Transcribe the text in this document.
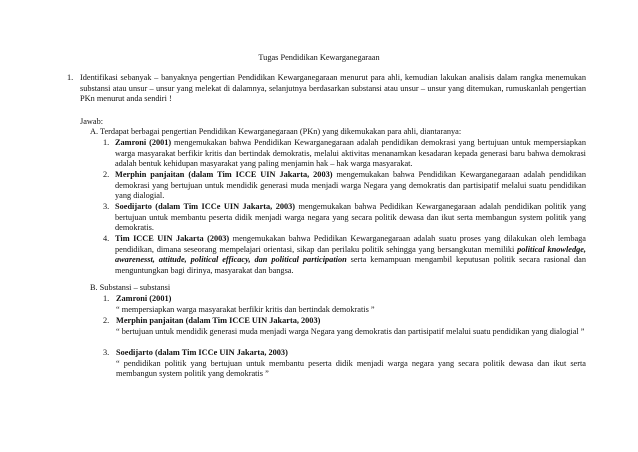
Tugas Pendidikan Kewarganegaraan
1. Identifikasi sebanyak – banyaknya pengertian Pendidikan Kewarganegaraan menurut para ahli, kemudian lakukan analisis dalam rangka menemukan substansi atau unsur – unsur yang melekat di dalamnya, selanjutnya berdasarkan substansi atau unsur – unsur yang ditemukan, rumuskanlah pengertian PKn menurut anda sendiri !
Jawab:
A. Terdapat berbagai pengertian Pendidikan Kewarganegaraan (PKn) yang dikemukakan para ahli, diantaranya:
1. Zamroni (2001) mengemukakan bahwa Pendidikan Kewarganegaraan adalah pendidikan demokrasi yang bertujuan untuk mempersiapkan warga masyarakat berfikir kritis dan bertindak demokratis, melalui aktivitas menanamkan kesadaran kepada generasi baru bahwa demokrasi adalah bentuk kehidupan masyarakat yang paling menjamin hak – hak warga masyarakat.
2. Merphin panjaitan (dalam Tim ICCE UIN Jakarta, 2003) mengemukakan bahwa Pendidikan Kewarganegaraan adalah pendidikan demokrasi yang bertujuan untuk mendidik generasi muda menjadi warga Negara yang demokratis dan partisipatif melalui suatu pendidikan yang dialogial.
3. Soedijarto (dalam Tim ICCe UIN Jakarta, 2003) mengemukakan bahwa Pedidikan Kewarganegaraan adalah pendidikan politik yang bertujuan untuk membantu peserta didik menjadi warga negara yang secara politik dewasa dan ikut serta membangun system politik yang demokratis.
4. Tim ICCE UIN Jakarta (2003) mengemukakan bahwa Pedidikan Kewarganegaraan adalah suatu proses yang dilakukan oleh lembaga pendidikan, dimana seseorang mempelajari orientasi, sikap dan perilaku politik sehingga yang bersangkutan memiliki political knowledge, awarenesst, attitude, political efficacy, dan political participation serta kemampuan mengambil keputusan politik secara rasional dan menguntungkan bagi dirinya, masyarakat dan bangsa.
B. Substansi – substansi
1. Zamroni (2001)
“ mempersiapkan warga masyarakat berfikir kritis dan bertindak demokratis ”
2. Merphin panjaitan (dalam Tim ICCE UIN Jakarta, 2003)
“ bertujuan untuk mendidik generasi muda menjadi warga Negara yang demokratis dan partisipatif melalui suatu pendidikan yang dialogial ”
3. Soedijarto (dalam Tim ICCe UIN Jakarta, 2003)
“ pendidikan politik yang bertujuan untuk membantu peserta didik menjadi warga negara yang secara politik dewasa dan ikut serta membangun system politik yang demokratis ”
